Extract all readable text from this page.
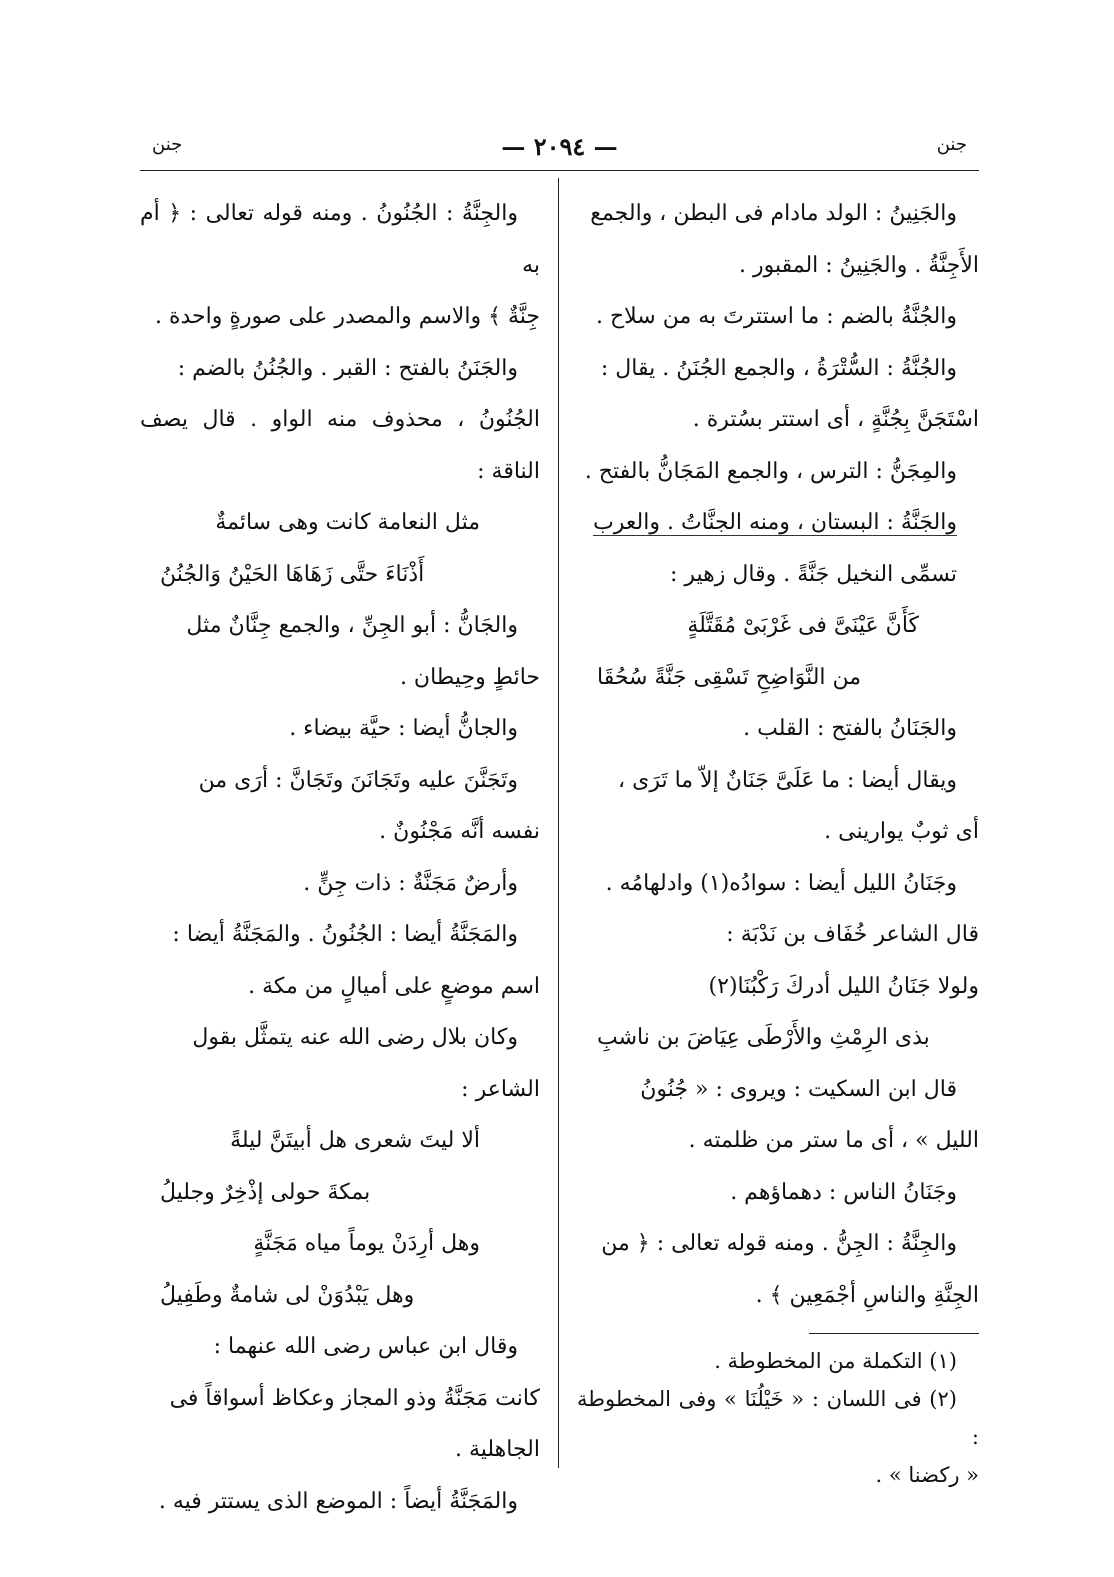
جنن
— ٢٠٩٤ —
جنن

والجَنِينُ : الولد مادام فى البطن ، والجمع

الأَجِنَّةُ . والجَنِينُ : المقبور .

والجُنَّةُ بالضم : ما استترتَ به من سلاح .

والجُنَّةُ : السُّتْرَةُ ، والجمع الجُنَنُ . يقال :

اسْتَجَنَّ بِجُنَّةٍ ، أى استتر بسُترة .

والمِجَنُّ : الترس ، والجمع المَجَانُّ بالفتح .

والجَنَّةُ : البستان ، ومنه الجنَّاتُ . والعرب

تسمِّى النخيل جَنَّةً . وقال زهير :

كَأَنَّ عَيْنَىَّ فى غَرْبَىْ مُقَتَّلَةٍ

من النَّوَاضِحِ تَسْقِى جَنَّةً سُحُقَا

والجَنَانُ بالفتح : القلب .

ويقال أيضا : ما عَلَىَّ جَنَانٌ إلاّ ما تَرَى ،

أى ثوبٌ يوارينى .

وجَنَانُ الليل أيضا : سوادُه(١) وادلهامُه .

قال الشاعر خُفَاف بن نَدْبَة :

ولولا جَنَانُ الليل أدركَ رَكْبُنَا(٢)

بذى الرِمْثِ والأَرْطَى عِيَاضَ بن ناشبِ

قال ابن السكيت : ويروى : « جُنُونُ

الليل » ، أى ما ستر من ظلمته .

وجَنَانُ الناس : دهماؤهم .

والجِنَّةُ : الجِنُّ . ومنه قوله تعالى : ﴿ من

الجِنَّةِ والناسِ أجْمَعِين ﴾ .

(١) التكملة من المخطوطة .

(٢) فى اللسان : « خَيْلُنَا » وفى المخطوطة :

« ركضنا » .

والجِنَّةُ : الجُنُونُ . ومنه قوله تعالى : ﴿ أم به

جِنَّةٌ ﴾ والاسم والمصدر على صورةٍ واحدة .

والجَنَنُ بالفتح : القبر . والجُنُنُ بالضم :

الجُنُونُ ، محذوف منه الواو . قال يصف الناقة :

مثل النعامة كانت وهى سائمةٌ

أَذْنَاءَ حتَّى زَهَاهَا الحَيْنُ وَالجُنُنُ

والجَانُّ : أبو الجِنِّ ، والجمع جِنَّانٌ مثل

حائطٍ وحِيطان .

والجانُّ أيضا : حيَّة بيضاء .

وتَجَنَّنَ عليه وتَجَانَنَ وتَجَانَّ : أرَى من

نفسه أنَّه مَجْنُونٌ .

وأرضٌ مَجَنَّةٌ : ذات جِنٍّ .

والمَجَنَّةُ أيضا : الجُنُونُ . والمَجَنَّةُ أيضا :

اسم موضعٍ على أميالٍ من مكة .

وكان بلال رضى الله عنه يتمثَّل بقول

الشاعر :

ألا ليتَ شعرى هل أبيتَنَّ ليلةً

بمكةَ حولى إذْخِرٌ وجليلُ

وهل أرِدَنْ يوماً مياه مَجَنَّةٍ

وهل يَبْدُوَنْ لى شامةٌ وطَفِيلُ

وقال ابن عباس رضى الله عنهما :

كانت مَجَنَّةُ وذو المجاز وعكاظ أسواقاً فى

الجاهلية .

والمَجَنَّةُ أيضاً : الموضع الذى يستتر فيه .
